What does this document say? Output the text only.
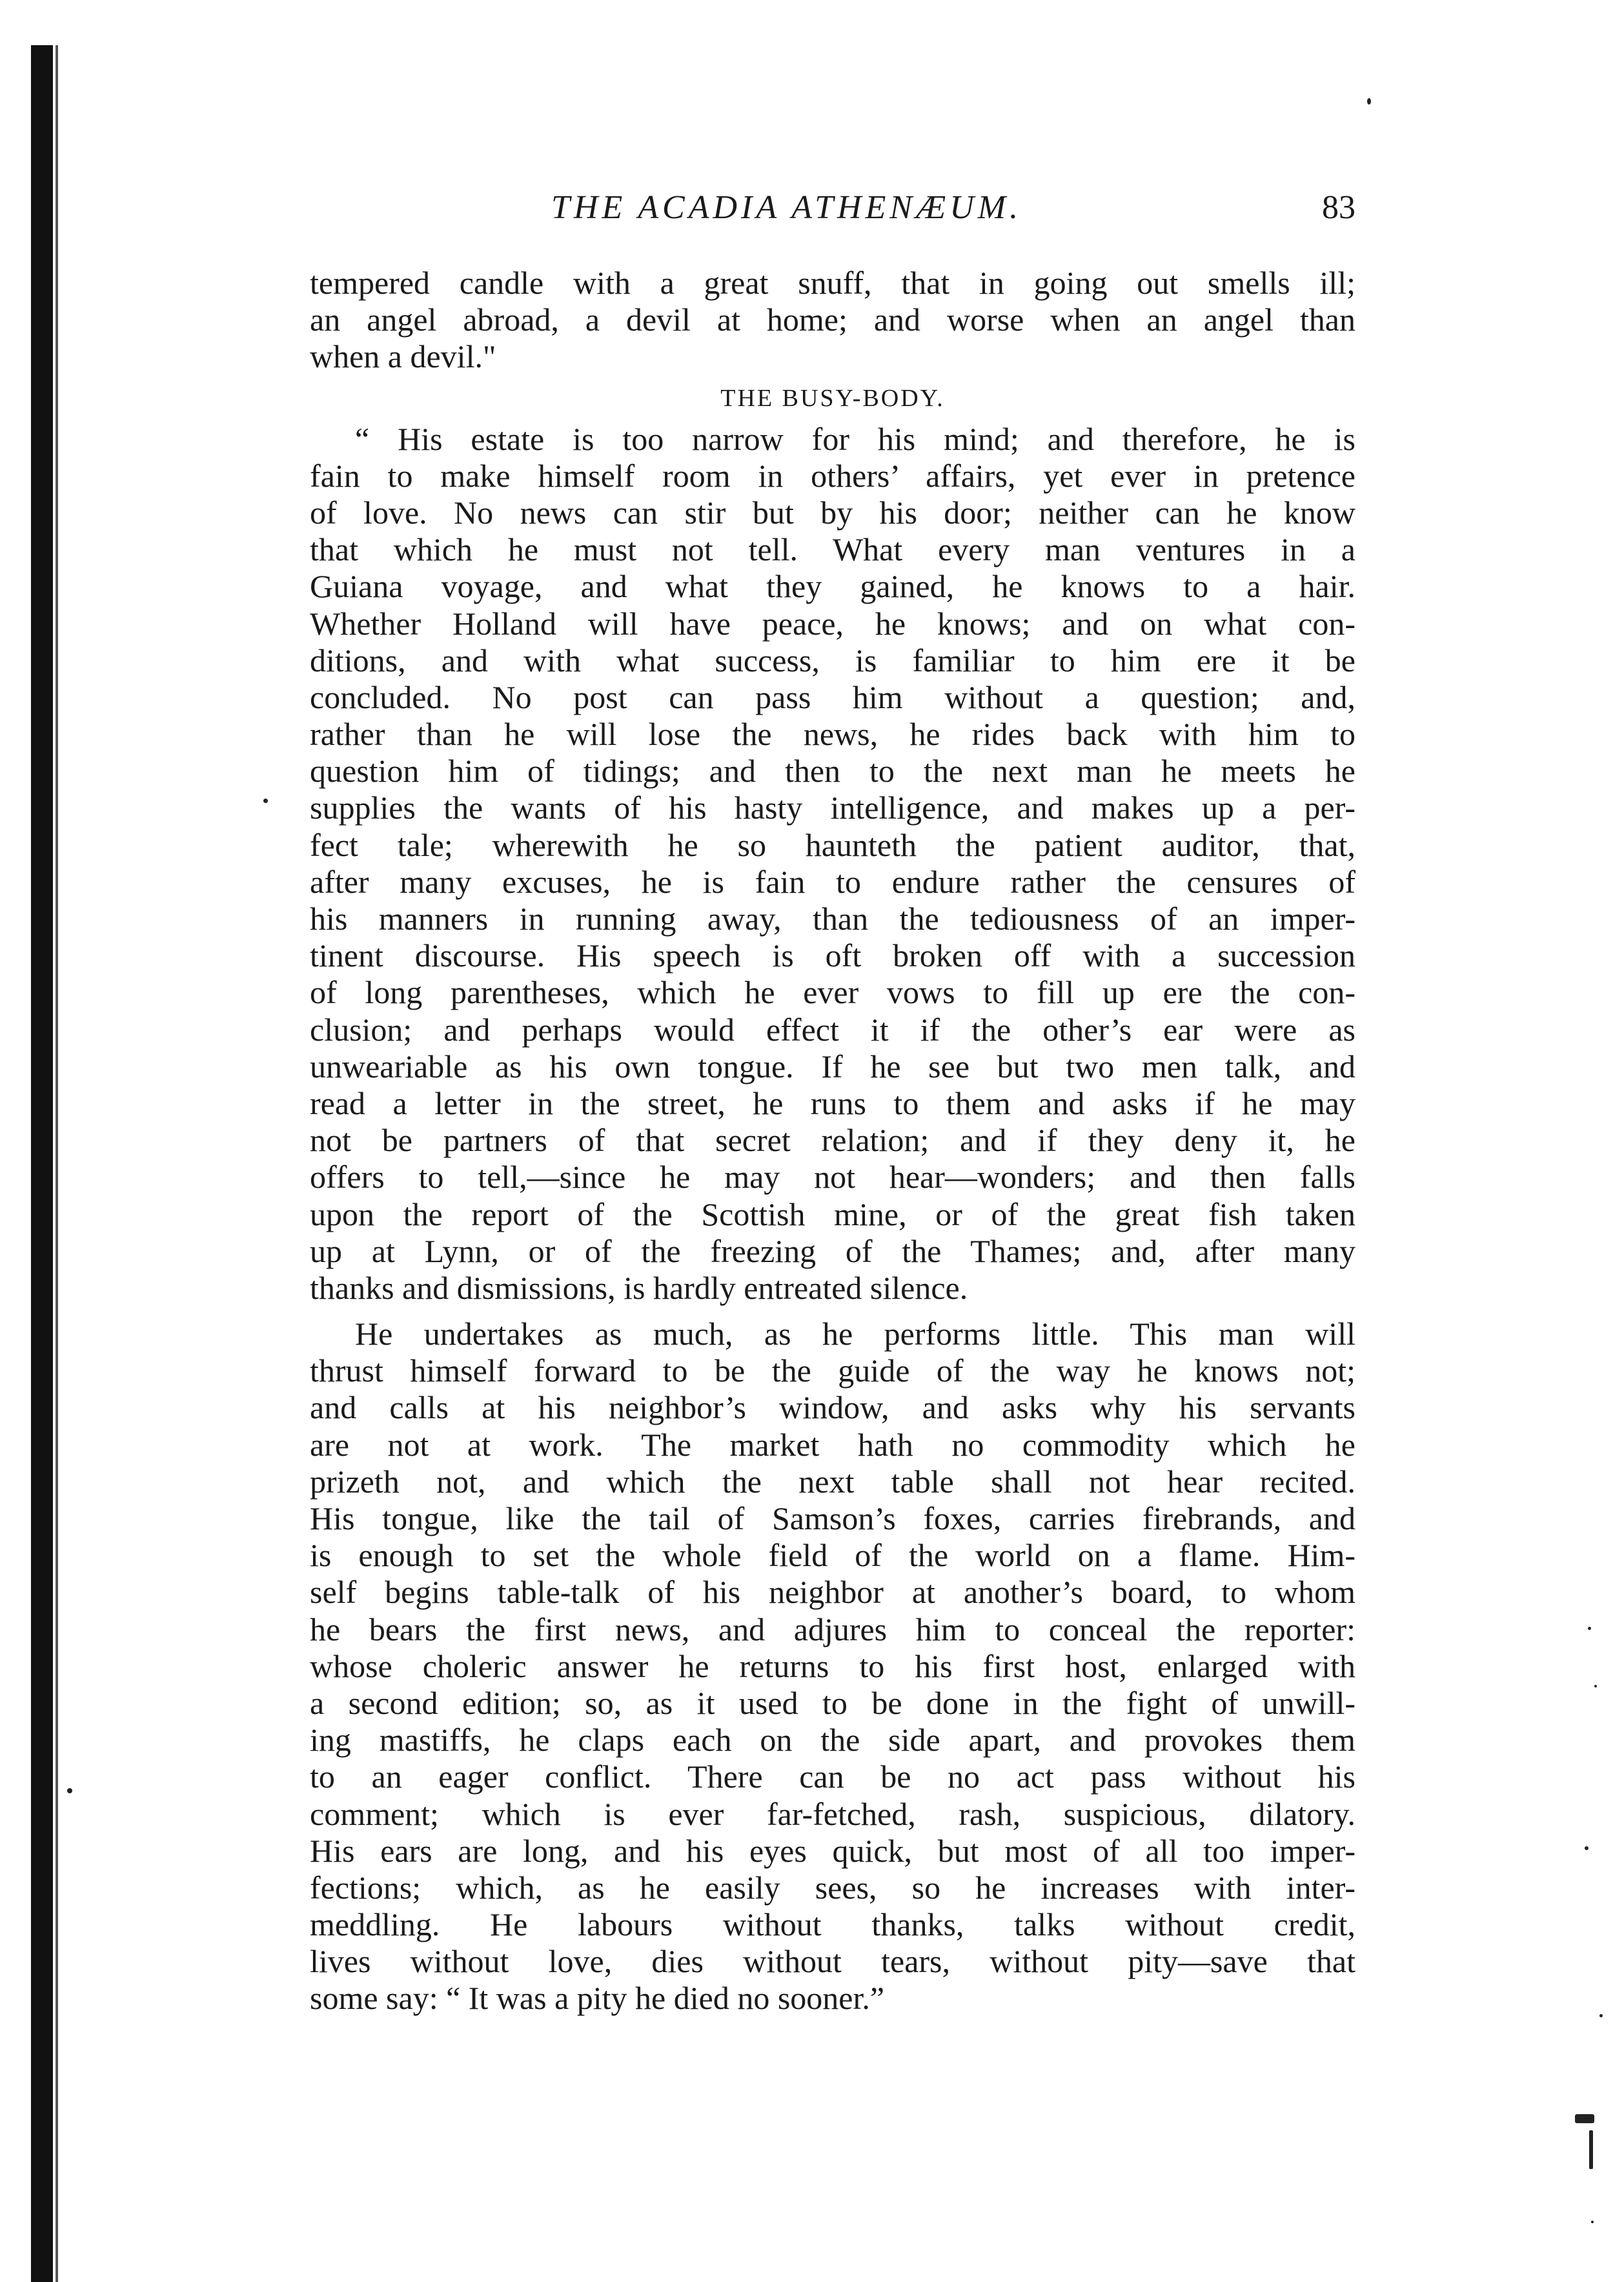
THE ACADIA ATHENÆUM.	83
tempered candle with a great snuff, that in going out smells ill;
an angel abroad, a devil at home; and worse when an angel than
when a devil."
THE BUSY-BODY.
“ His estate is too narrow for his mind; and therefore, he is
fain to make himself room in others’ affairs, yet ever in pretence
of love. No news can stir but by his door; neither can he know
that which he must not tell. What every man ventures in a
Guiana voyage, and what they gained, he knows to a hair.
Whether Holland will have peace, he knows; and on what con-
ditions, and with what success, is familiar to him ere it be
concluded. No post can pass him without a question; and,
rather than he will lose the news, he rides back with him to
question him of tidings; and then to the next man he meets he
supplies the wants of his hasty intelligence, and makes up a per-
fect tale; wherewith he so haunteth the patient auditor, that,
after many excuses, he is fain to endure rather the censures of
his manners in running away, than the tediousness of an imper-
tinent discourse. His speech is oft broken off with a succession
of long parentheses, which he ever vows to fill up ere the con-
clusion; and perhaps would effect it if the other’s ear were as
unweariable as his own tongue. If he see but two men talk, and
read a letter in the street, he runs to them and asks if he may
not be partners of that secret relation; and if they deny it, he
offers to tell,—since he may not hear—wonders; and then falls
upon the report of the Scottish mine, or of the great fish taken
up at Lynn, or of the freezing of the Thames; and, after many
thanks and dismissions, is hardly entreated silence.
He undertakes as much, as he performs little. This man will
thrust himself forward to be the guide of the way he knows not;
and calls at his neighbor’s window, and asks why his servants
are not at work. The market hath no commodity which he
prizeth not, and which the next table shall not hear recited.
His tongue, like the tail of Samson’s foxes, carries firebrands, and
is enough to set the whole field of the world on a flame. Him-
self begins table-talk of his neighbor at another’s board, to whom
he bears the first news, and adjures him to conceal the reporter:
whose choleric answer he returns to his first host, enlarged with
a second edition; so, as it used to be done in the fight of unwill-
ing mastiffs, he claps each on the side apart, and provokes them
to an eager conflict. There can be no act pass without his
comment; which is ever far-fetched, rash, suspicious, dilatory.
His ears are long, and his eyes quick, but most of all too imper-
fections; which, as he easily sees, so he increases with inter-
meddling. He labours without thanks, talks without credit,
lives without love, dies without tears, without pity—save that
some say: “ It was a pity he died no sooner.”
